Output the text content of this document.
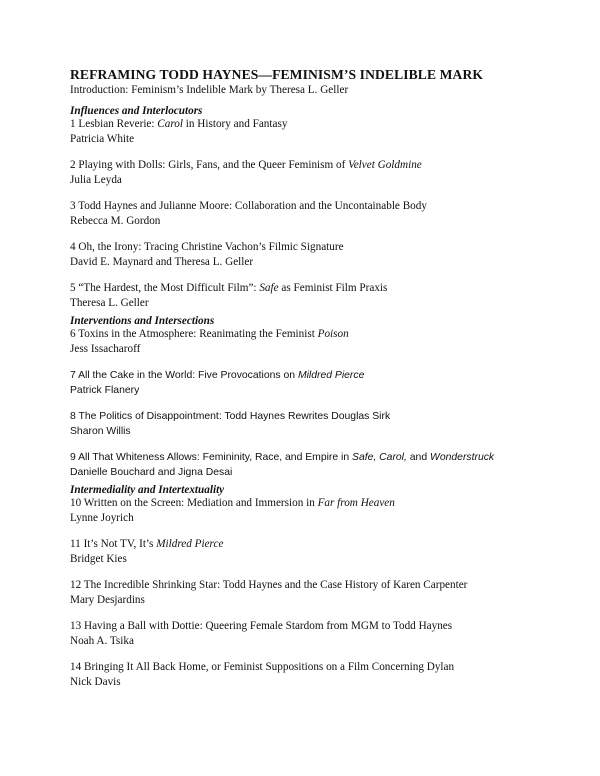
REFRAMING TODD HAYNES—FEMINISM’S INDELIBLE MARK

Introduction: Feminism’s Indelible Mark by Theresa L. Geller

Influences and Interlocutors

1 Lesbian Reverie: Carol in History and Fantasy

Patricia White

2 Playing with Dolls: Girls, Fans, and the Queer Feminism of Velvet Goldmine

Julia Leyda

3 Todd Haynes and Julianne Moore: Collaboration and the Uncontainable Body

Rebecca M. Gordon

4 Oh, the Irony: Tracing Christine Vachon’s Filmic Signature

David E. Maynard and Theresa L. Geller

5 “The Hardest, the Most Difficult Film”: Safe as Feminist Film Praxis

Theresa L. Geller

Interventions and Intersections

6 Toxins in the Atmosphere: Reanimating the Feminist Poison

Jess Issacharoff

7 All the Cake in the World: Five Provocations on Mildred Pierce

Patrick Flanery

8 The Politics of Disappointment: Todd Haynes Rewrites Douglas Sirk

Sharon Willis

9 All That Whiteness Allows: Femininity, Race, and Empire in Safe, Carol, and Wonderstruck

Danielle Bouchard and Jigna Desai

Intermediality and Intertextuality

10 Written on the Screen: Mediation and Immersion in Far from Heaven

Lynne Joyrich

11 It’s Not TV, It’s Mildred Pierce

Bridget Kies

12 The Incredible Shrinking Star: Todd Haynes and the Case History of Karen Carpenter

Mary Desjardins

13 Having a Ball with Dottie: Queering Female Stardom from MGM to Todd Haynes

Noah A. Tsika

14 Bringing It All Back Home, or Feminist Suppositions on a Film Concerning Dylan

Nick Davis
